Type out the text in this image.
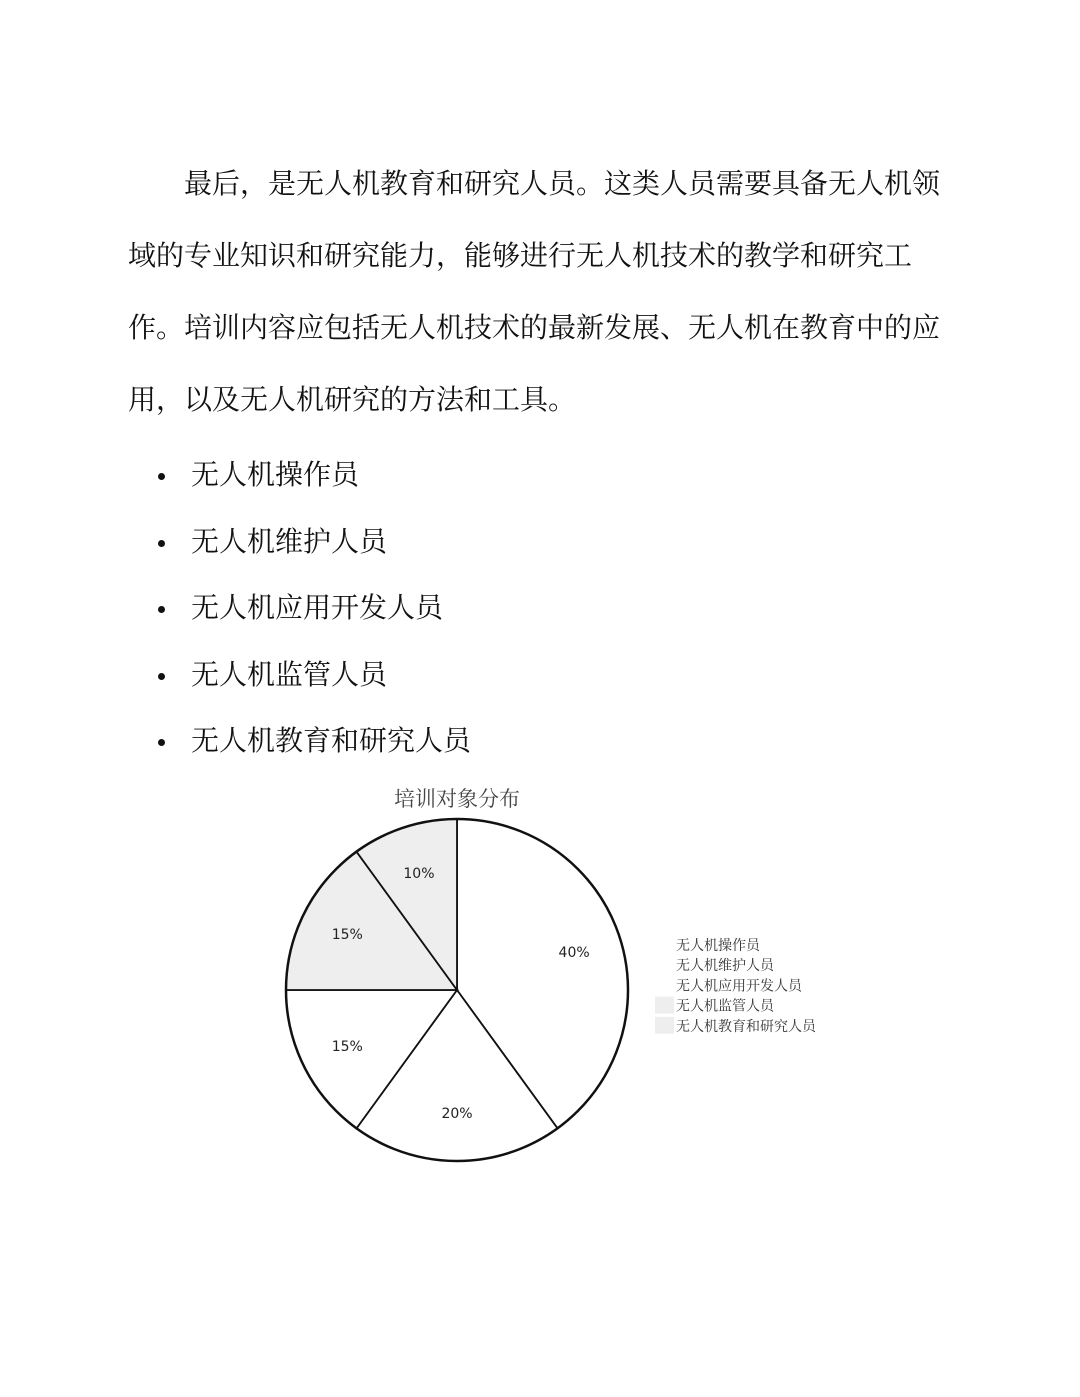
最后，是无人机教育和研究人员。这类人员需要具备无人机领域的专业知识和研究能力，能够进行无人机技术的教学和研究工作。培训内容应包括无人机技术的最新发展、无人机在教育中的应用，以及无人机研究的方法和工具。

无人机操作员
无人机维护人员
无人机应用开发人员
无人机监管人员
无人机教育和研究人员
培训对象分布
40%
20%
15%
15%
10%
无人机操作员
无人机维护人员
无人机应用开发人员
无人机监管人员
无人机教育和研究人员
